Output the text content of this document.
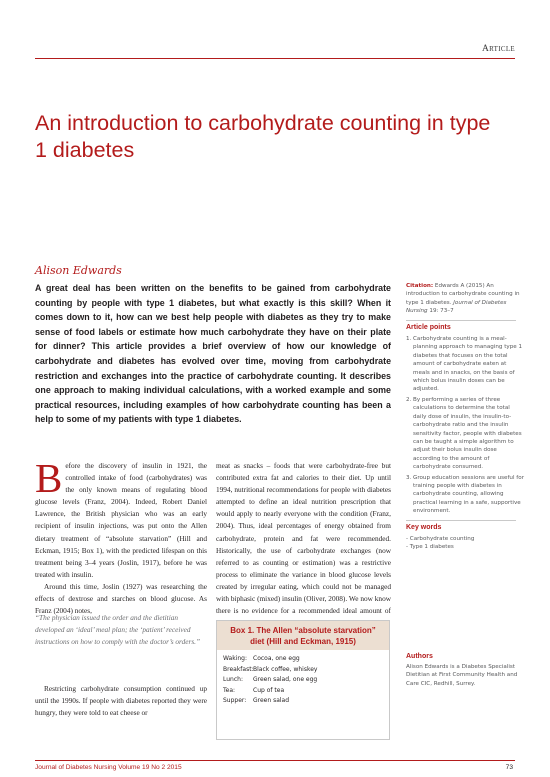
Article
An introduction to carbohydrate counting in type 1 diabetes
Alison Edwards
A great deal has been written on the benefits to be gained from carbohydrate counting by people with type 1 diabetes, but what exactly is this skill? When it comes down to it, how can we best help people with diabetes as they try to make sense of food labels or estimate how much carbohydrate they have on their plate for dinner? This article provides a brief overview of how our knowledge of carbohydrate and diabetes has evolved over time, moving from carbohydrate restriction and exchanges into the practice of carbohydrate counting. It describes one approach to making individual calculations, with a worked example and some practical resources, including examples of how carbohydrate counting has been a help to some of my patients with type 1 diabetes.
Citation: Edwards A (2015) An introduction to carbohydrate counting in type 1 diabetes. Journal of Diabetes Nursing 19: 73–7
Article points
1. Carbohydrate counting is a meal-planning approach to managing type 1 diabetes that focuses on the total amount of carbohydrate eaten at meals and in snacks, on the basis of which bolus insulin doses can be adjusted.
2. By performing a series of three calculations to determine the total daily dose of insulin, the insulin-to-carbohydrate ratio and the insulin sensitivity factor, people with diabetes can be taught a simple algorithm to adjust their bolus insulin dose according to the amount of carbohydrate consumed.
3. Group education sessions are useful for training people with diabetes in carbohydrate counting, allowing practical learning in a safe, supportive environment.
Key words
- Carbohydrate counting
- Type 1 diabetes
Authors
Alison Edwards is a Diabetes Specialist Dietitian at First Community Health and Care CIC, Redhill, Surrey.

Before the discovery of insulin in 1921, the controlled intake of food (carbohydrates) was the only known means of regulating blood glucose levels (Franz, 2004). Indeed, Robert Daniel Lawrence, the British physician who was an early recipient of insulin injections, was put onto the Allen dietary treatment of “absolute starvation” (Hill and Eckman, 1915; Box 1), with the predicted lifespan on this treatment being 3–4 years (Joslin, 1917), before he was treated with insulin.

Around this time, Joslin (1927) was researching the effects of dextrose and starches on blood glucose. As Franz (2004) notes,

“The physician issued the order and the dietitian developed an ‘ideal’ meal plan; the ‘patient’ received instructions on how to comply with the doctor’s orders.”

Restricting carbohydrate consumption continued up until the 1990s. If people with diabetes reported they were hungry, they were told to eat cheese or

meat as snacks – foods that were carbohydrate-free but contributed extra fat and calories to their diet. Up until 1994, nutritional recommendations for people with diabetes attempted to define an ideal nutrition prescription that would apply to nearly everyone with the condition (Franz, 2004). Thus, ideal percentages of energy obtained from carbohydrate, protein and fat were recommended. Historically, the use of carbohydrate exchanges (now referred to as counting or estimation) was a restrictive process to eliminate the variance in blood glucose levels created by irregular eating, which could not be managed with biphasic (mixed) insulin (Oliver, 2008). We now know there is no evidence for a recommended ideal amount of

Box 1. The Allen “absolute starvation” diet (Hill and Eckman, 1915)
Waking:	Cocoa, one egg
Breakfast: Black coffee, whiskey
Lunch:	Green salad, one egg
Tea:	Cup of tea
Supper:	Green salad
Journal of Diabetes Nursing Volume 19 No 2 2015	73
